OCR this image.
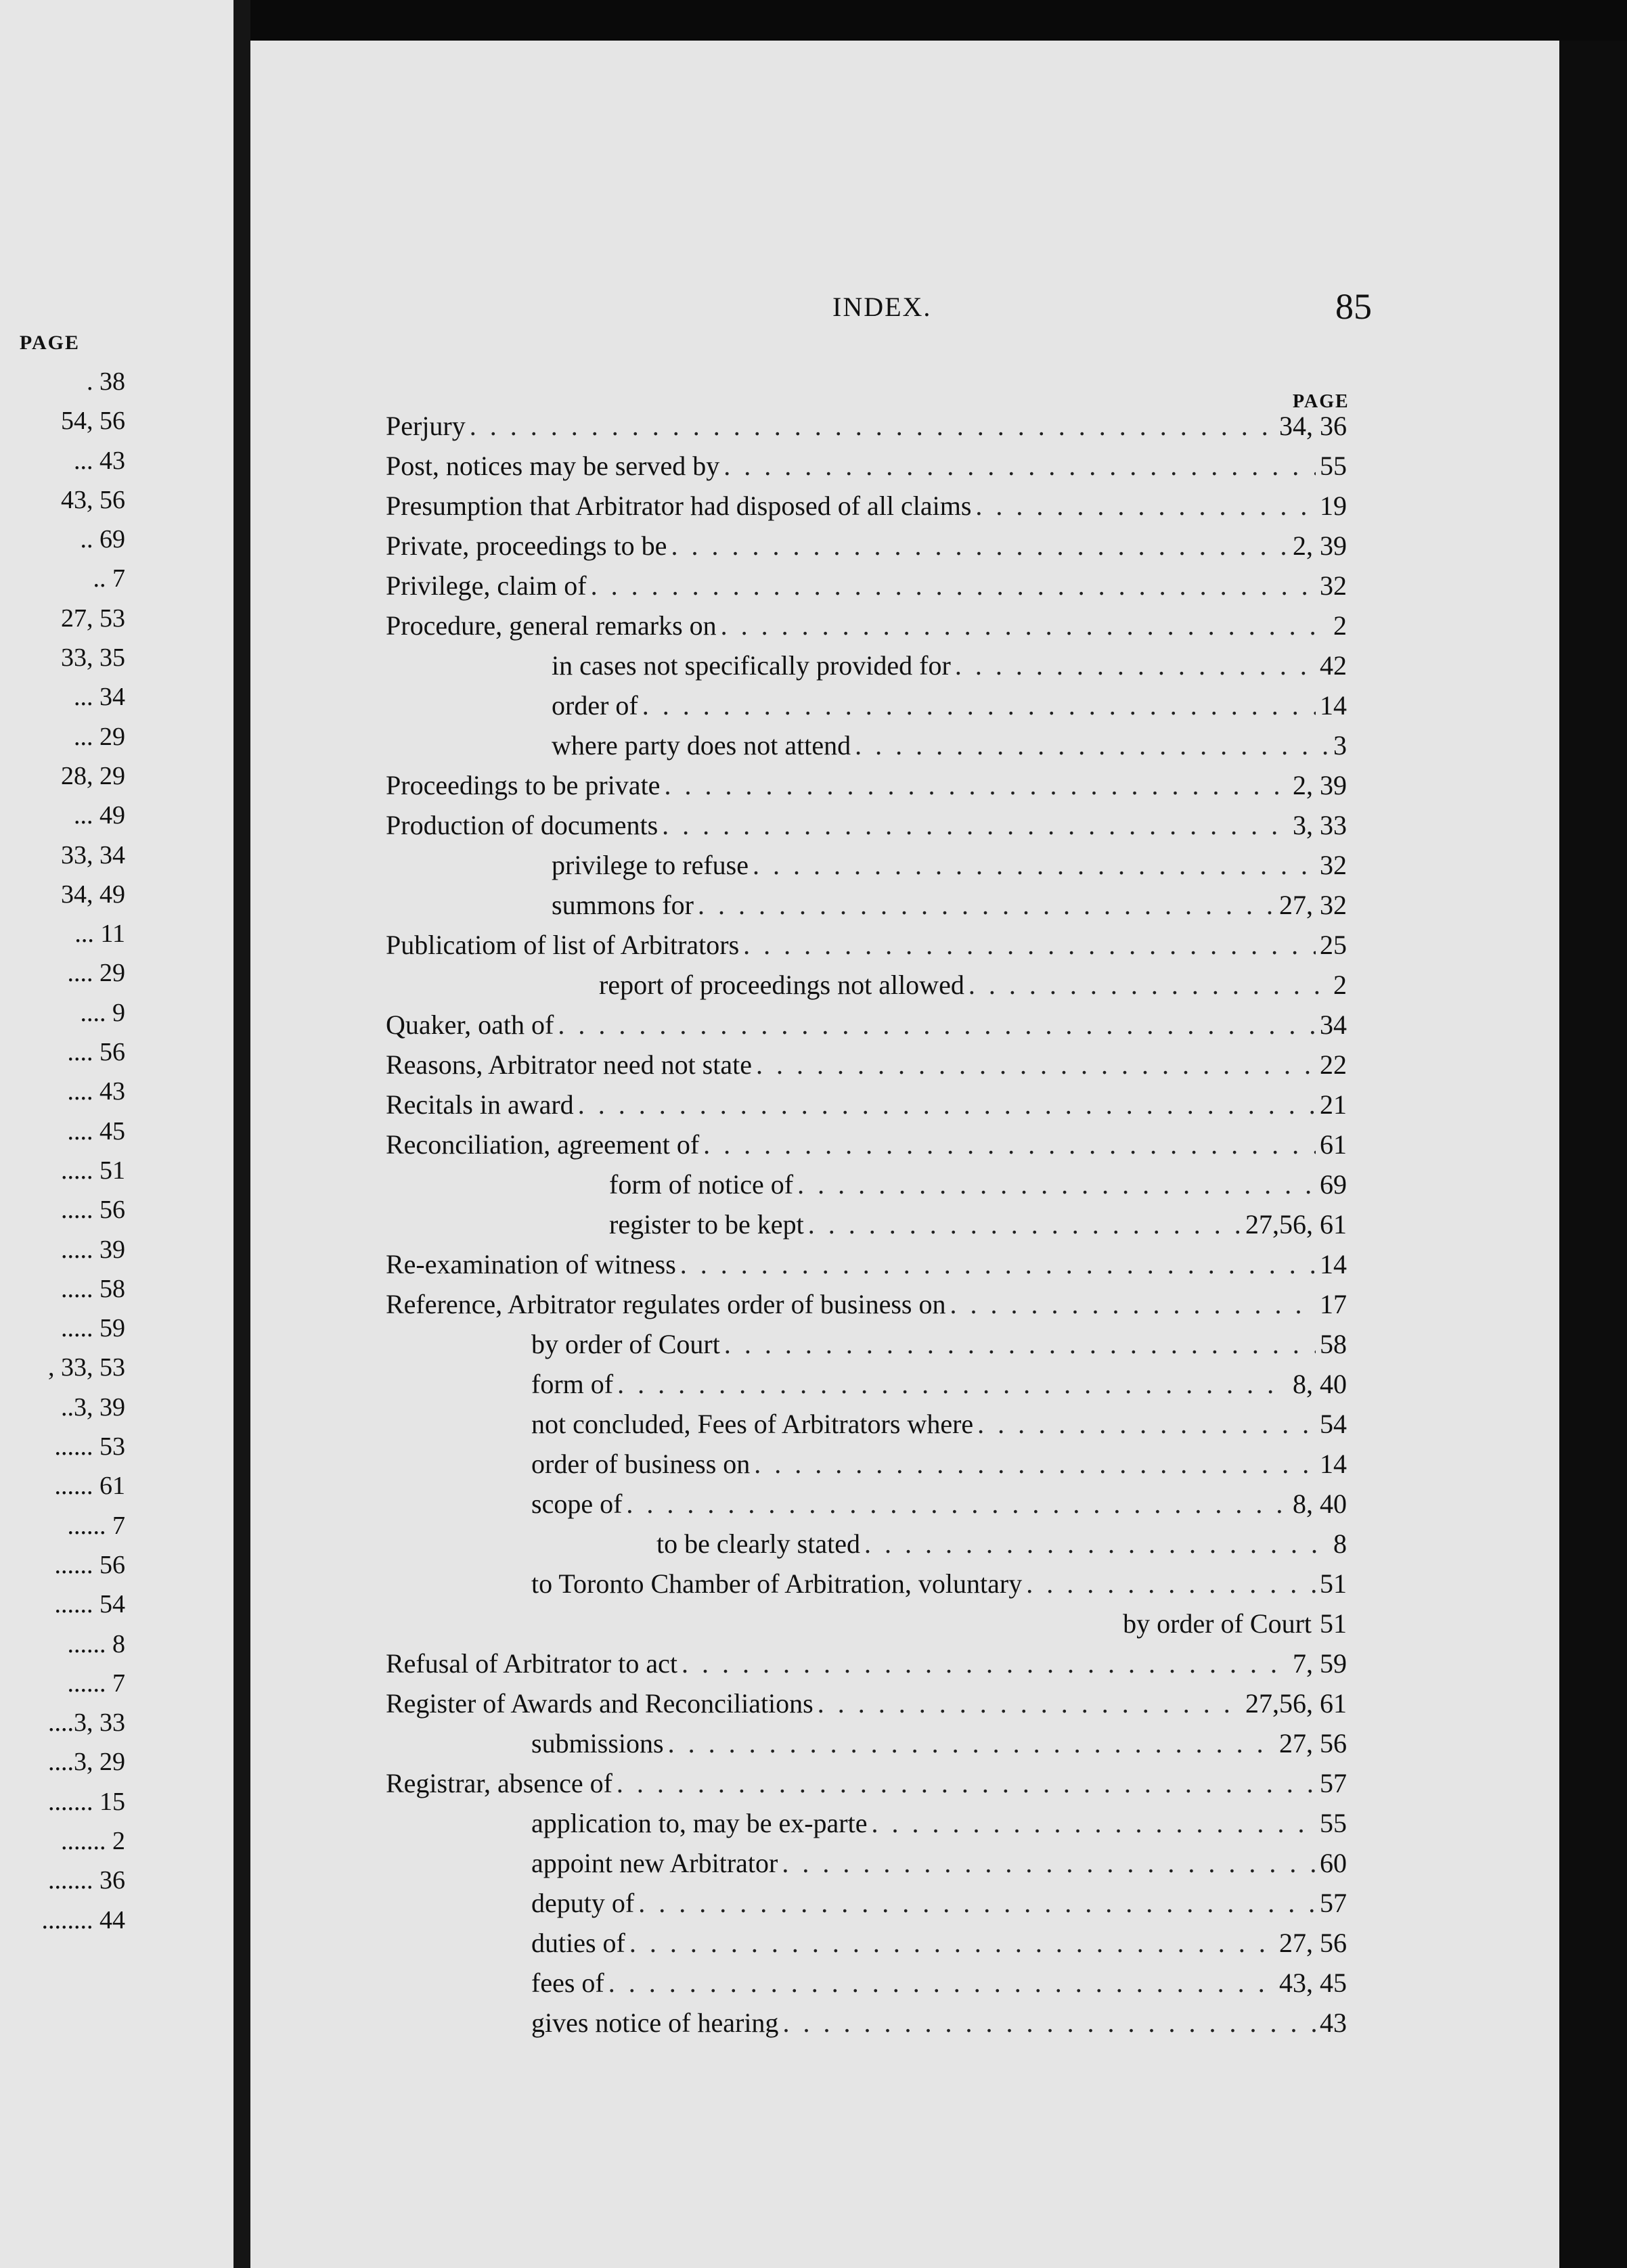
PAGE
. 38
54, 56
... 43
43, 56
.. 69
.. 7
27, 53
33, 35
... 34
... 29
28, 29
... 49
33, 34
34, 49
... 11
.... 29
.... 9
.... 56
.... 43
.... 45
..... 51
..... 56
..... 39
..... 58
..... 59
, 33, 53
..3, 39
...... 53
...... 61
...... 7
...... 56
...... 54
...... 8
...... 7
....3, 33
....3, 29
....... 15
....... 2
....... 36
........ 44
INDEX.	85
PAGE
Perjury . . .	34, 36
Post, notices may be served by . . .	55
Presumption that Arbitrator had disposed of all claims . . .	19
Private, proceedings to be . . .	2, 39
Privilege, claim of . . .	32
Procedure, general remarks on . . .	2
in cases not specifically provided for . . .	42
order of . . .	14
where party does not attend . . .	3
Proceedings to be private . . .	2, 39
Production of documents . . .	3, 33
privilege to refuse . . .	32
summons for . . .	27, 32
Publicatiom of list of Arbitrators . . .	25
report of proceedings not allowed . . .	2
Quaker, oath of . . .	34
Reasons, Arbitrator need not state . . .	22
Recitals in award . . .	21
Reconciliation, agreement of . . .	61
form of notice of . . .	69
register to be kept . . .	27,56, 61
Re-examination of witness . . .	14
Reference, Arbitrator regulates order of business on . . .	17
by order of Court . . .	58
form of . . .	8, 40
not concluded, Fees of Arbitrators where . . .	54
order of business on . . .	14
scope of . . .	8, 40
to be clearly stated . . .	8
to Toronto Chamber of Arbitration, voluntary . . .	51
by order of Court 51
Refusal of Arbitrator to act . . .	7, 59
Register of Awards and Reconciliations . . .	27,56, 61
submissions . . .	27, 56
Registrar, absence of . . .	57
application to, may be ex-parte . . .	55
appoint new Arbitrator . . .	60
deputy of . . .	57
duties of . . .	27, 56
fees of . . .	43, 45
gives notice of hearing . . .	43
